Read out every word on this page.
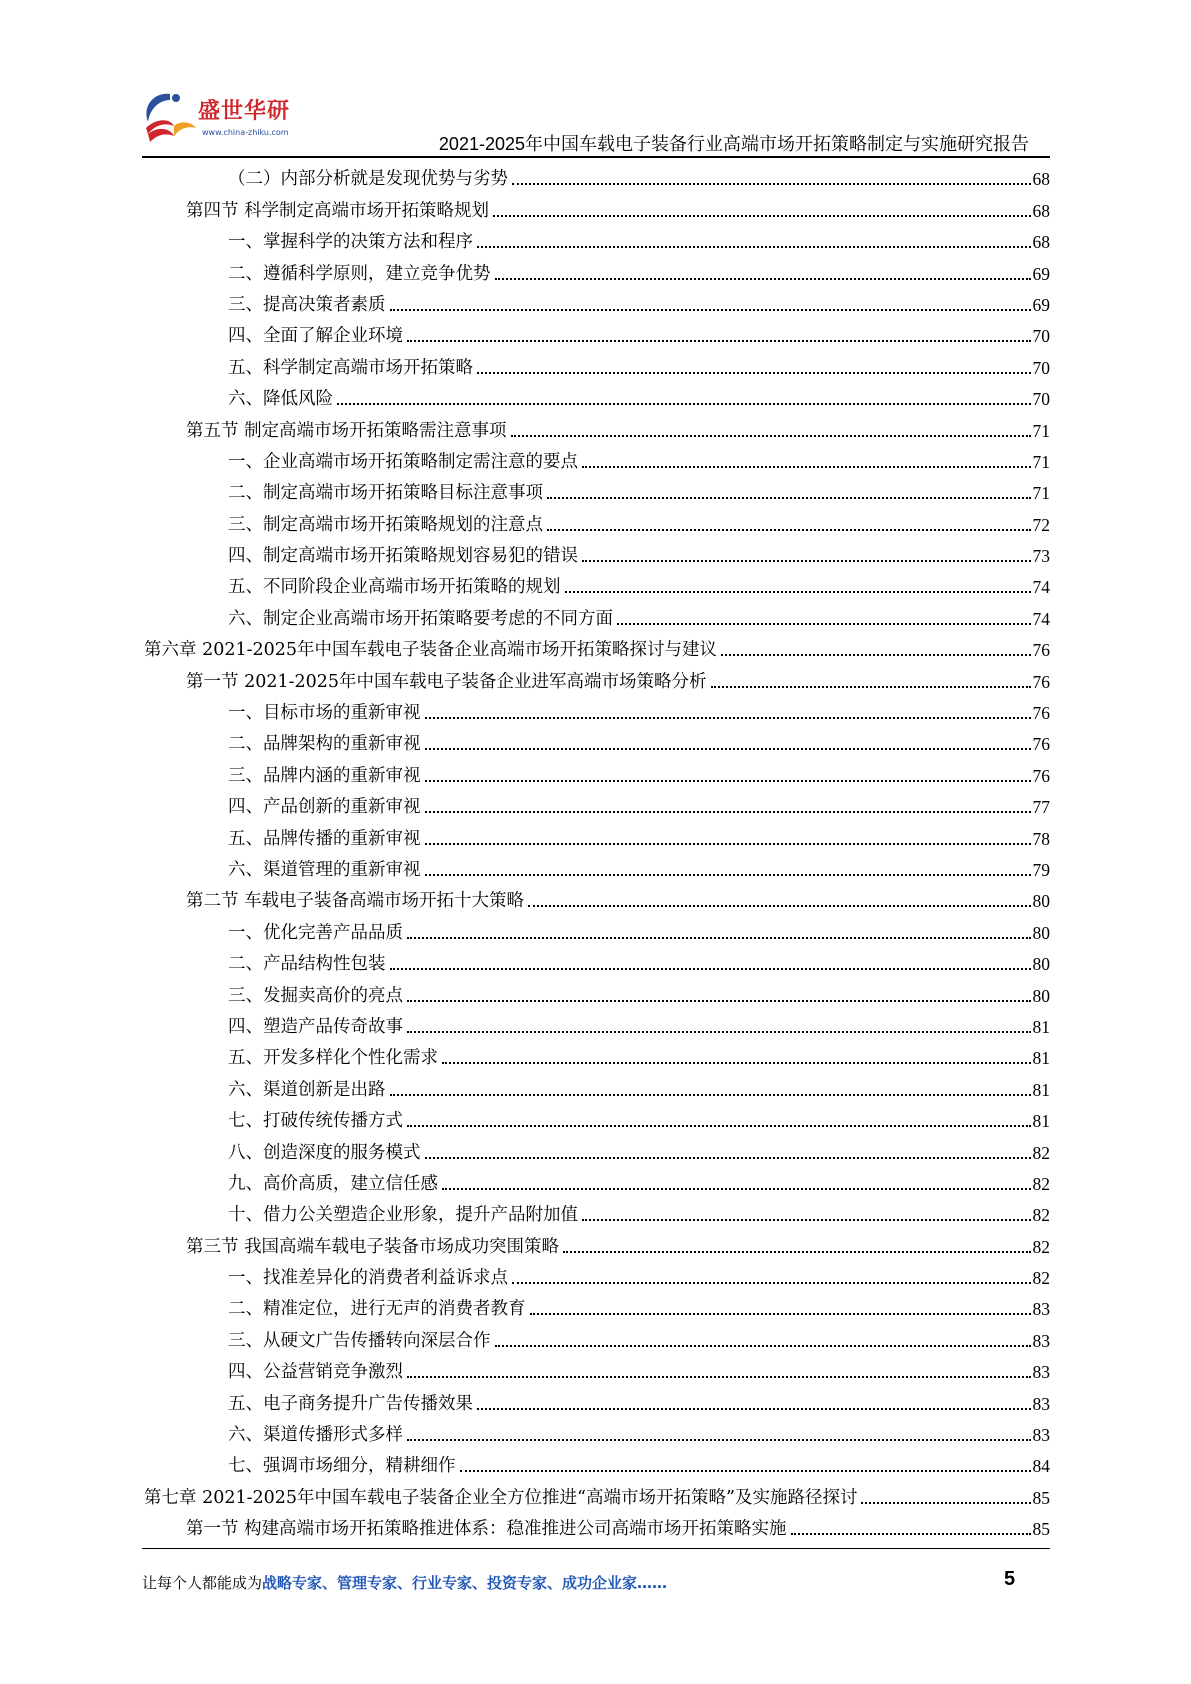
盛世华研
www.china-zhiku.com
2021-2025年中国车载电子装备行业高端市场开拓策略制定与实施研究报告
（二）内部分析就是发现优势与劣势	68
第四节 科学制定高端市场开拓策略规划	68
一、掌握科学的决策方法和程序	68
二、遵循科学原则，建立竞争优势	69
三、提高决策者素质	69
四、全面了解企业环境	70
五、科学制定高端市场开拓策略	70
六、降低风险	70
第五节 制定高端市场开拓策略需注意事项	71
一、企业高端市场开拓策略制定需注意的要点	71
二、制定高端市场开拓策略目标注意事项	71
三、制定高端市场开拓策略规划的注意点	72
四、制定高端市场开拓策略规划容易犯的错误	73
五、不同阶段企业高端市场开拓策略的规划	74
六、制定企业高端市场开拓策略要考虑的不同方面	74
第六章 2021-2025年中国车载电子装备企业高端市场开拓策略探讨与建议	76
第一节 2021-2025年中国车载电子装备企业进军高端市场策略分析	76
一、目标市场的重新审视	76
二、品牌架构的重新审视	76
三、品牌内涵的重新审视	76
四、产品创新的重新审视	77
五、品牌传播的重新审视	78
六、渠道管理的重新审视	79
第二节 车载电子装备高端市场开拓十大策略	80
一、优化完善产品品质	80
二、产品结构性包装	80
三、发掘卖高价的亮点	80
四、塑造产品传奇故事	81
五、开发多样化个性化需求	81
六、渠道创新是出路	81
七、打破传统传播方式	81
八、创造深度的服务模式	82
九、高价高质，建立信任感	82
十、借力公关塑造企业形象，提升产品附加值	82
第三节 我国高端车载电子装备市场成功突围策略	82
一、找准差异化的消费者利益诉求点	82
二、精准定位，进行无声的消费者教育	83
三、从硬文广告传播转向深层合作	83
四、公益营销竞争激烈	83
五、电子商务提升广告传播效果	83
六、渠道传播形式多样	83
七、强调市场细分，精耕细作	84
第七章 2021-2025年中国车载电子装备企业全方位推进“高端市场开拓策略”及实施路径探讨	85
第一节 构建高端市场开拓策略推进体系：稳准推进公司高端市场开拓策略实施	85
让每个人都能成为战略专家、管理专家、行业专家、投资专家、成功企业家……	5
